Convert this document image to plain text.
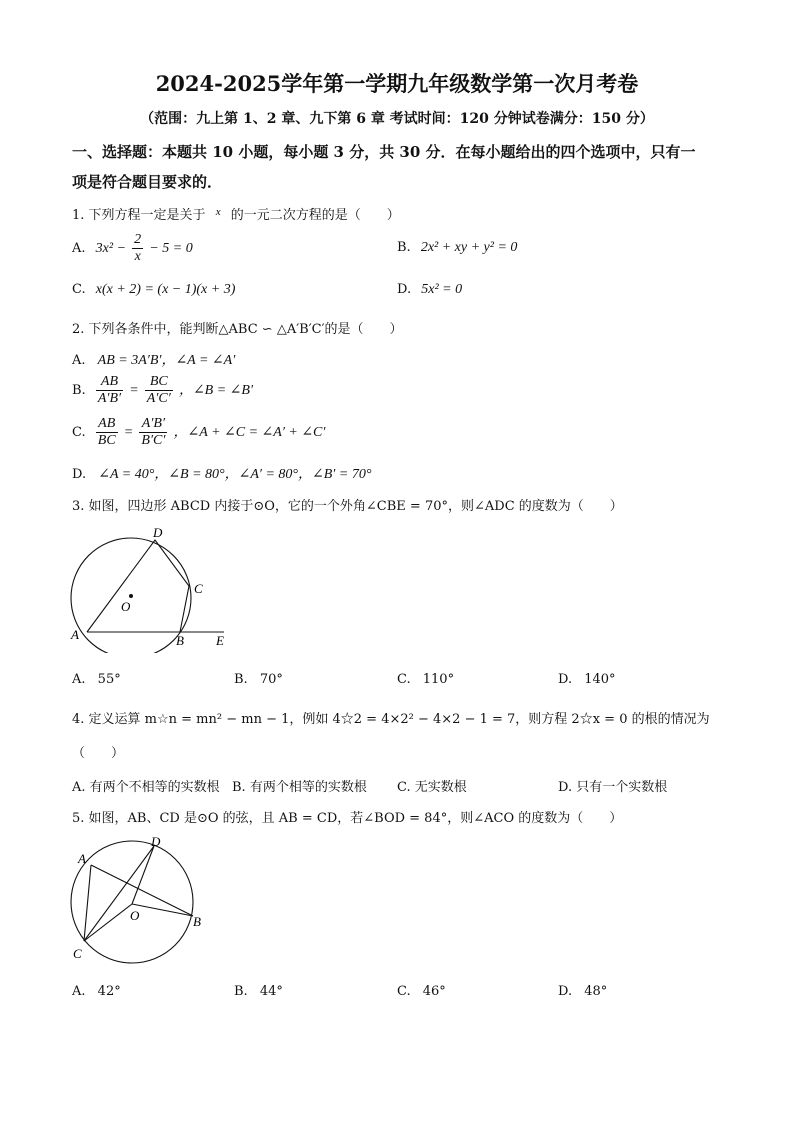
2024-2025学年第一学期九年级数学第一次月考卷
（范围：九上第 1、2 章、九下第 6 章 考试时间：120 分钟试卷满分：150 分）
一、选择题：本题共 10 小题，每小题 3 分，共 30 分．在每小题给出的四个选项中，只有一
项是符合题目要求的．
1. 下列方程一定是关于 $^x$ 的一元二次方程的是（　　）
A. $3x^2 - \frac{2}{x} - 5 = 0$	B. 2x² + xy + y² = 0
C. x(x + 2) = (x − 1)(x + 3)	D. 5x² = 0
2. 下列各条件中，能判断△ABC ∽ △A′B′C′的是（　　）
A. AB = 3A′B′，∠A = ∠A′
B. $\frac{AB}{A'B'} = \frac{BC}{A'C'}$ ，∠B = ∠B′
C. $\frac{AB}{BC} = \frac{A'B'}{B'C'}$ ，∠A + ∠C = ∠A′ + ∠C′
D. ∠A = 40°，∠B = 80°，∠A′ = 80°，∠B′ = 70°
3. 如图，四边形 ABCD 内接于⊙O，它的一个外角∠CBE = 70°，则∠ADC 的度数为（　　）
A
D
C
B E
O
A. 55°	B. 70°	C. 110°	D. 140°
4. 定义运算 m☆n = mn² − mn − 1，例如 4☆2 = 4×2² − 4×2 − 1 = 7，则方程 2☆x = 0 的根的情况为
（　　）
A. 有两个不相等的实数根 B. 有两个相等的实数根 C. 无实数根	D. 只有一个实数根
5. 如图，AB、CD 是⊙O 的弦，且 AB = CD，若∠BOD = 84°，则∠ACO 的度数为（　　）
A
D
B
C
O
A. 42°	B. 44°	C. 46°	D. 48°
